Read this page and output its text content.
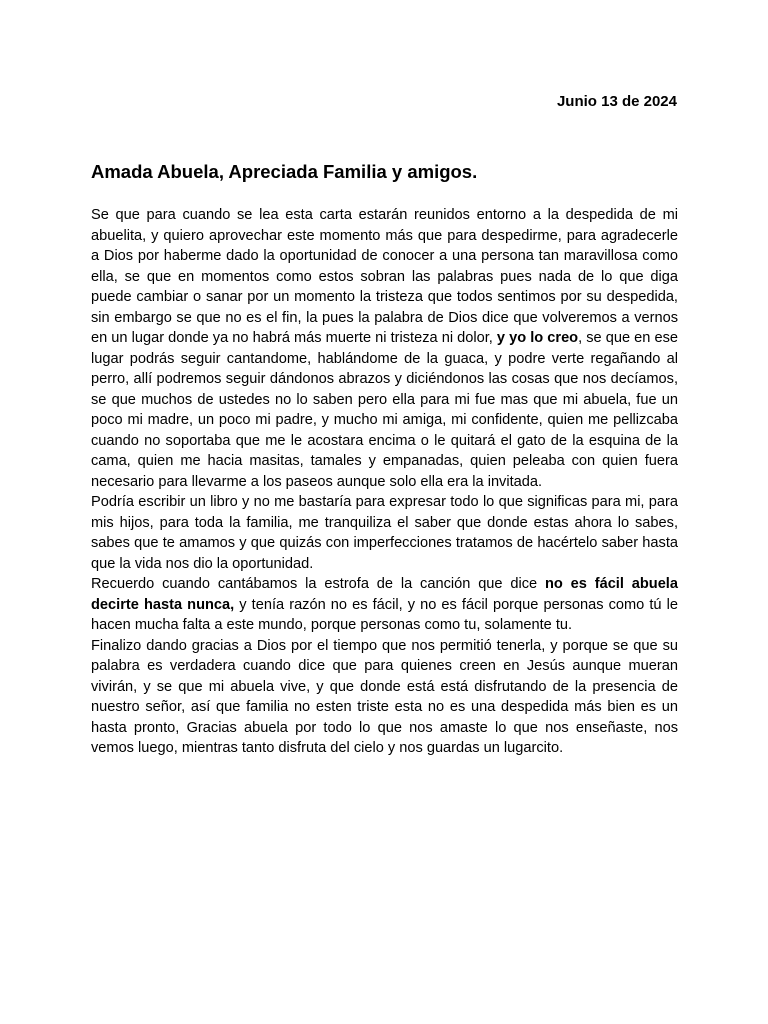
Junio 13 de 2024
Amada Abuela, Apreciada Familia y amigos.

Se que para cuando se lea esta carta estarán reunidos entorno a la despedida de mi abuelita, y quiero aprovechar este momento más que para despedirme, para agradecerle a Dios por haberme dado la oportunidad de conocer a una persona tan maravillosa como ella, se que en momentos como estos sobran las palabras pues nada de lo que diga puede cambiar o sanar por un momento la tristeza que todos sentimos por su despedida, sin embargo se que no es el fin, la pues la palabra de Dios dice que volveremos a vernos en un lugar donde ya no habrá más muerte ni tristeza ni dolor, y yo lo creo, se que en ese lugar podrás seguir cantandome, hablándome de la guaca, y podre verte regañando al perro, allí podremos seguir dándonos abrazos y diciéndonos las cosas que nos decíamos, se que muchos de ustedes no lo saben pero ella para mi fue mas que mi abuela, fue un poco mi madre, un poco mi padre, y mucho mi amiga, mi confidente, quien me pellizcaba cuando no soportaba que me le acostara encima o le quitará el gato de la esquina de la cama, quien me hacia masitas, tamales y empanadas, quien peleaba con quien fuera necesario para llevarme a los paseos aunque solo ella era la invitada.

Podría escribir un libro y no me bastaría para expresar todo lo que significas para mi, para mis hijos, para toda la familia, me tranquiliza el saber que donde estas ahora lo sabes, sabes que te amamos y que quizás con imperfecciones tratamos de hacértelo saber hasta que la vida nos dio la oportunidad.

Recuerdo cuando cantábamos la estrofa de la canción que dice no es fácil abuela decirte hasta nunca, y tenía razón no es fácil, y no es fácil porque personas como tú le hacen mucha falta a este mundo, porque personas como tu, solamente tu.

Finalizo dando gracias a Dios por el tiempo que nos permitió tenerla, y porque se que su palabra es verdadera cuando dice que para quienes creen en Jesús aunque mueran vivirán, y se que mi abuela vive, y que donde está está disfrutando de la presencia de nuestro señor, así que familia no esten triste esta no es una despedida más bien es un hasta pronto, Gracias abuela por todo lo que nos amaste lo que nos enseñaste, nos vemos luego, mientras tanto disfruta del cielo y nos guardas un lugarcito.
